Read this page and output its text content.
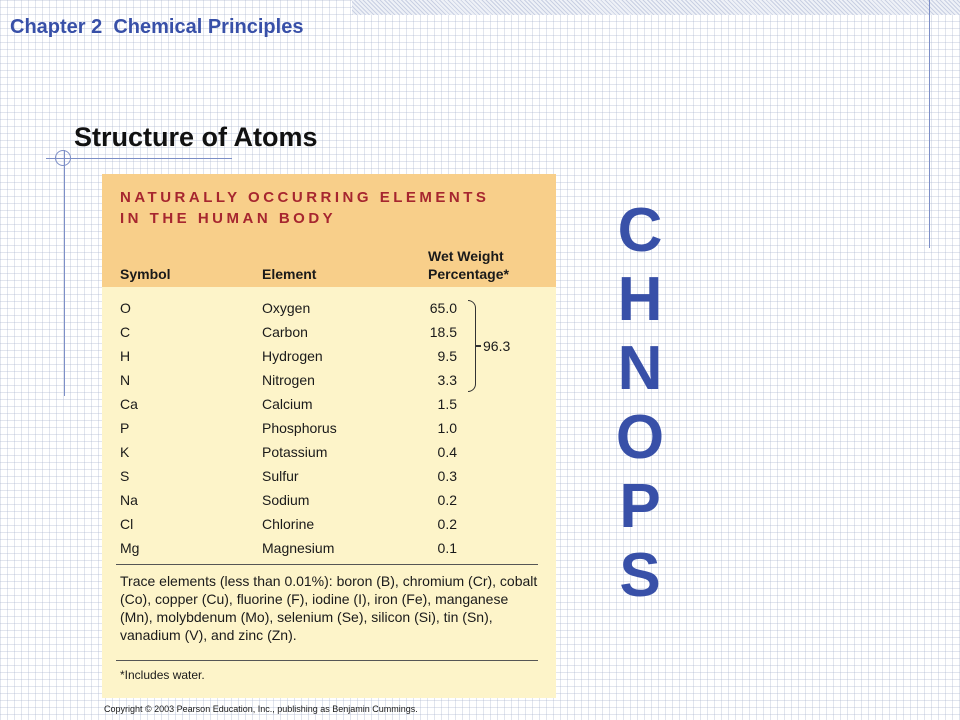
Chapter 2  Chemical Principles
Structure of Atoms
NATURALLY OCCURRING ELEMENTS
IN THE HUMAN BODY
Symbol	Element
Wet Weight
Percentage*
O	Oxygen	65.0
C	Carbon	18.5
H	Hydrogen	9.5
N	Nitrogen	3.3
Ca	Calcium	1.5
P	Phosphorus	1.0
K	Potassium	0.4
S	Sulfur	0.3
Na	Sodium	0.2
Cl	Chlorine	0.2
Mg	Magnesium	0.1
96.3
Trace elements (less than 0.01%): boron (B), chromium (Cr), cobalt (Co), copper (Cu), fluorine (F), iodine (I), iron (Fe), manganese (Mn), molybdenum (Mo), selenium (Se), silicon (Si), tin (Sn), vanadium (V), and zinc (Zn).
*Includes water.
Copyright © 2003 Pearson Education, Inc., publishing as Benjamin Cummings.
C
H
N
O
P
S
